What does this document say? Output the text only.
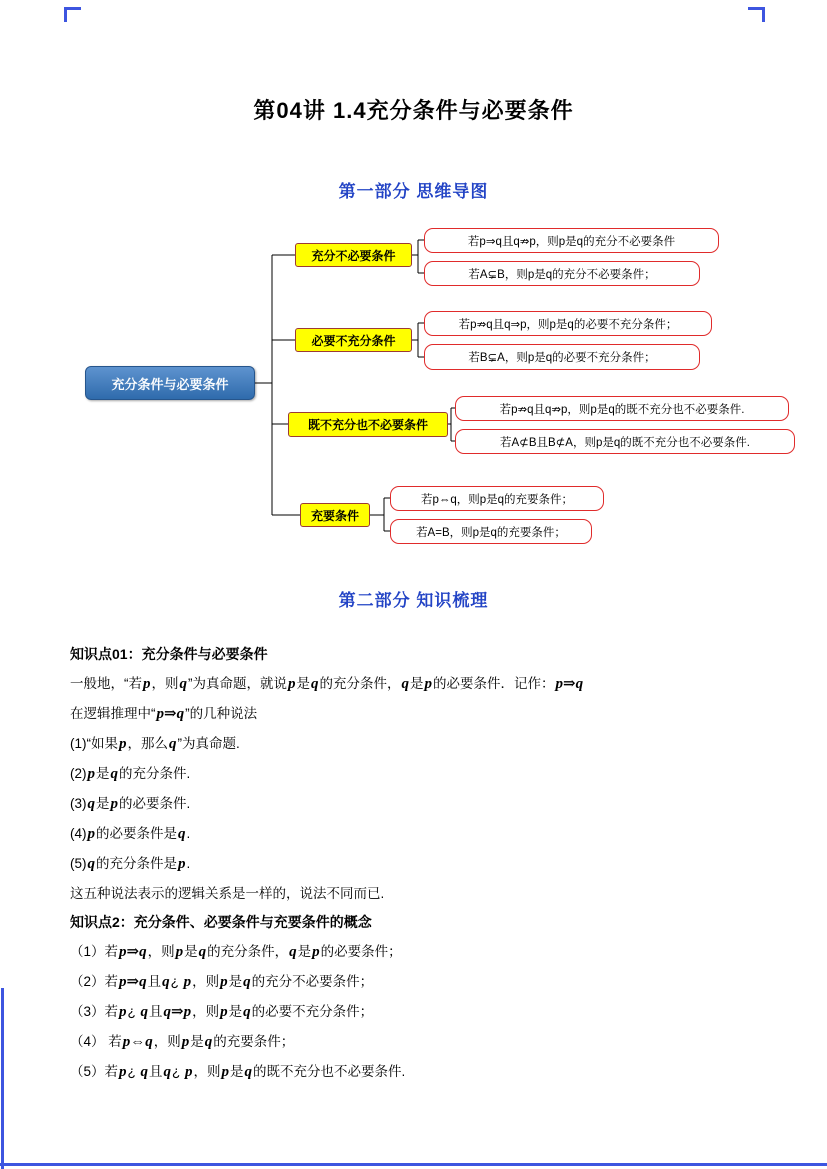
第04讲 1.4充分条件与必要条件
第一部分 思维导图
第二部分 知识梳理
充分条件与必要条件
充分不必要条件
必要不充分条件
既不充分也不必要条件
充要条件
若p⇒q且q⇏p，则p是q的充分不必要条件
若A⊊B，则p是q的充分不必要条件；
若p⇏q且q⇒p，则p是q的必要不充分条件；
若B⊊A，则p是q的必要不充分条件；
若p⇏q且q⇏p，则p是q的既不充分也不必要条件.
若A⊄B且B⊄A，则p是q的既不充分也不必要条件.
若p⇔q，则p是q的充要条件；
若A=B，则p是q的充要条件；
知识点01：充分条件与必要条件
一般地，“若p，则q”为真命题，就说p是q的充分条件，q是p的必要条件．记作：p⇒q
在逻辑推理中“p⇒q”的几种说法
(1)“如果p，那么q”为真命题.
(2)p是q的充分条件.
(3)q是p的必要条件.
(4)p的必要条件是q.
(5)q的充分条件是p.
这五种说法表示的逻辑关系是一样的，说法不同而已.
知识点2：充分条件、必要条件与充要条件的概念
（1）若p⇒q，则p是q的充分条件，q是p的必要条件；
（2）若p⇒q且q¿ p，则p是q的充分不必要条件；
（3）若p¿ q且q⇒p，则p是q的必要不充分条件；
（4） 若p⇔q，则p是q的充要条件；
（5）若p¿ q且q¿ p，则p是q的既不充分也不必要条件.
